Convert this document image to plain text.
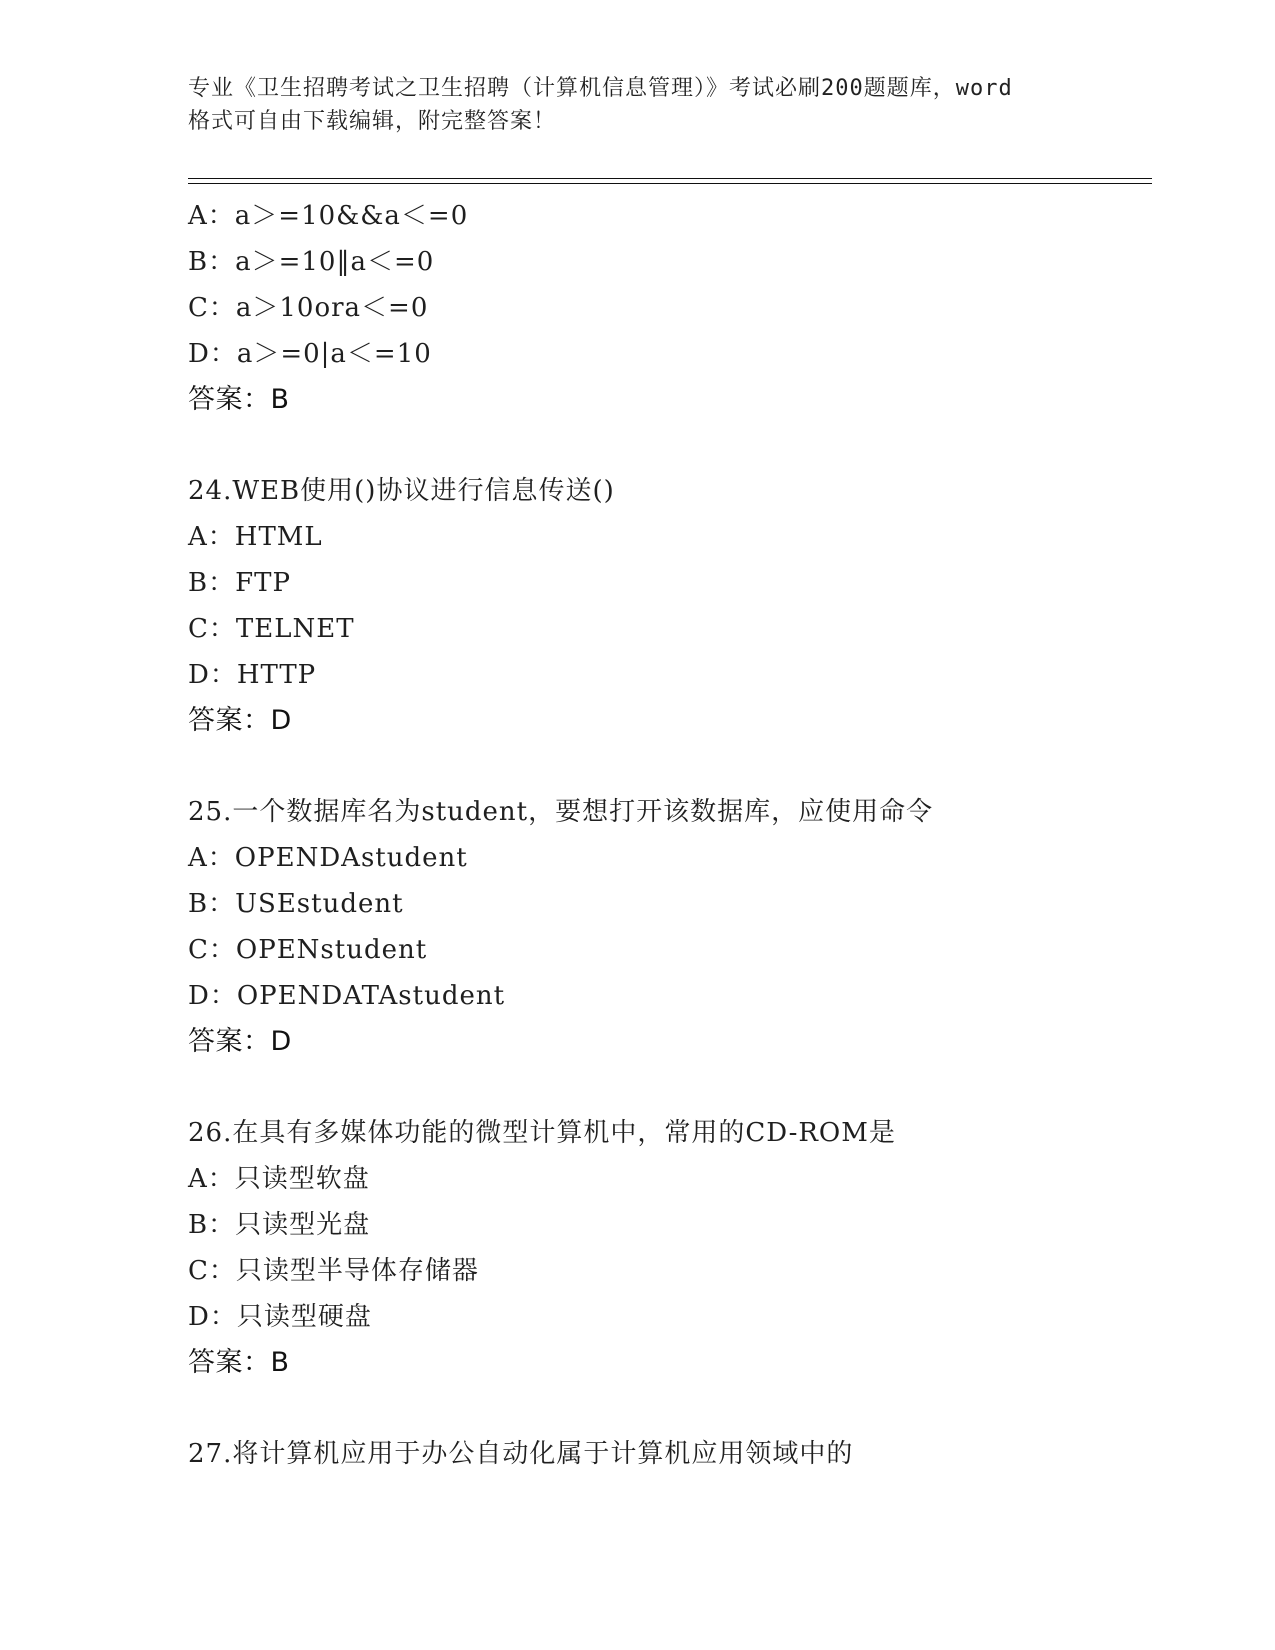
专业《卫生招聘考试之卫生招聘（计算机信息管理）》考试必刷200题题库，word
格式可自由下载编辑，附完整答案！
A：a＞=10&&a＜=0
B：a＞=10‖a＜=0
C：a＞10ora＜=0
D：a＞=0|a＜=10
答案：B
24.WEB使用()协议进行信息传送()
A：HTML
B：FTP
C：TELNET
D：HTTP
答案：D
25.一个数据库名为student，要想打开该数据库，应使用命令
A：OPENDAstudent
B：USEstudent
C：OPENstudent
D：OPENDATAstudent
答案：D
26.在具有多媒体功能的微型计算机中，常用的CD-ROM是
A：只读型软盘
B：只读型光盘
C：只读型半导体存储器
D：只读型硬盘
答案：B
27.将计算机应用于办公自动化属于计算机应用领域中的
